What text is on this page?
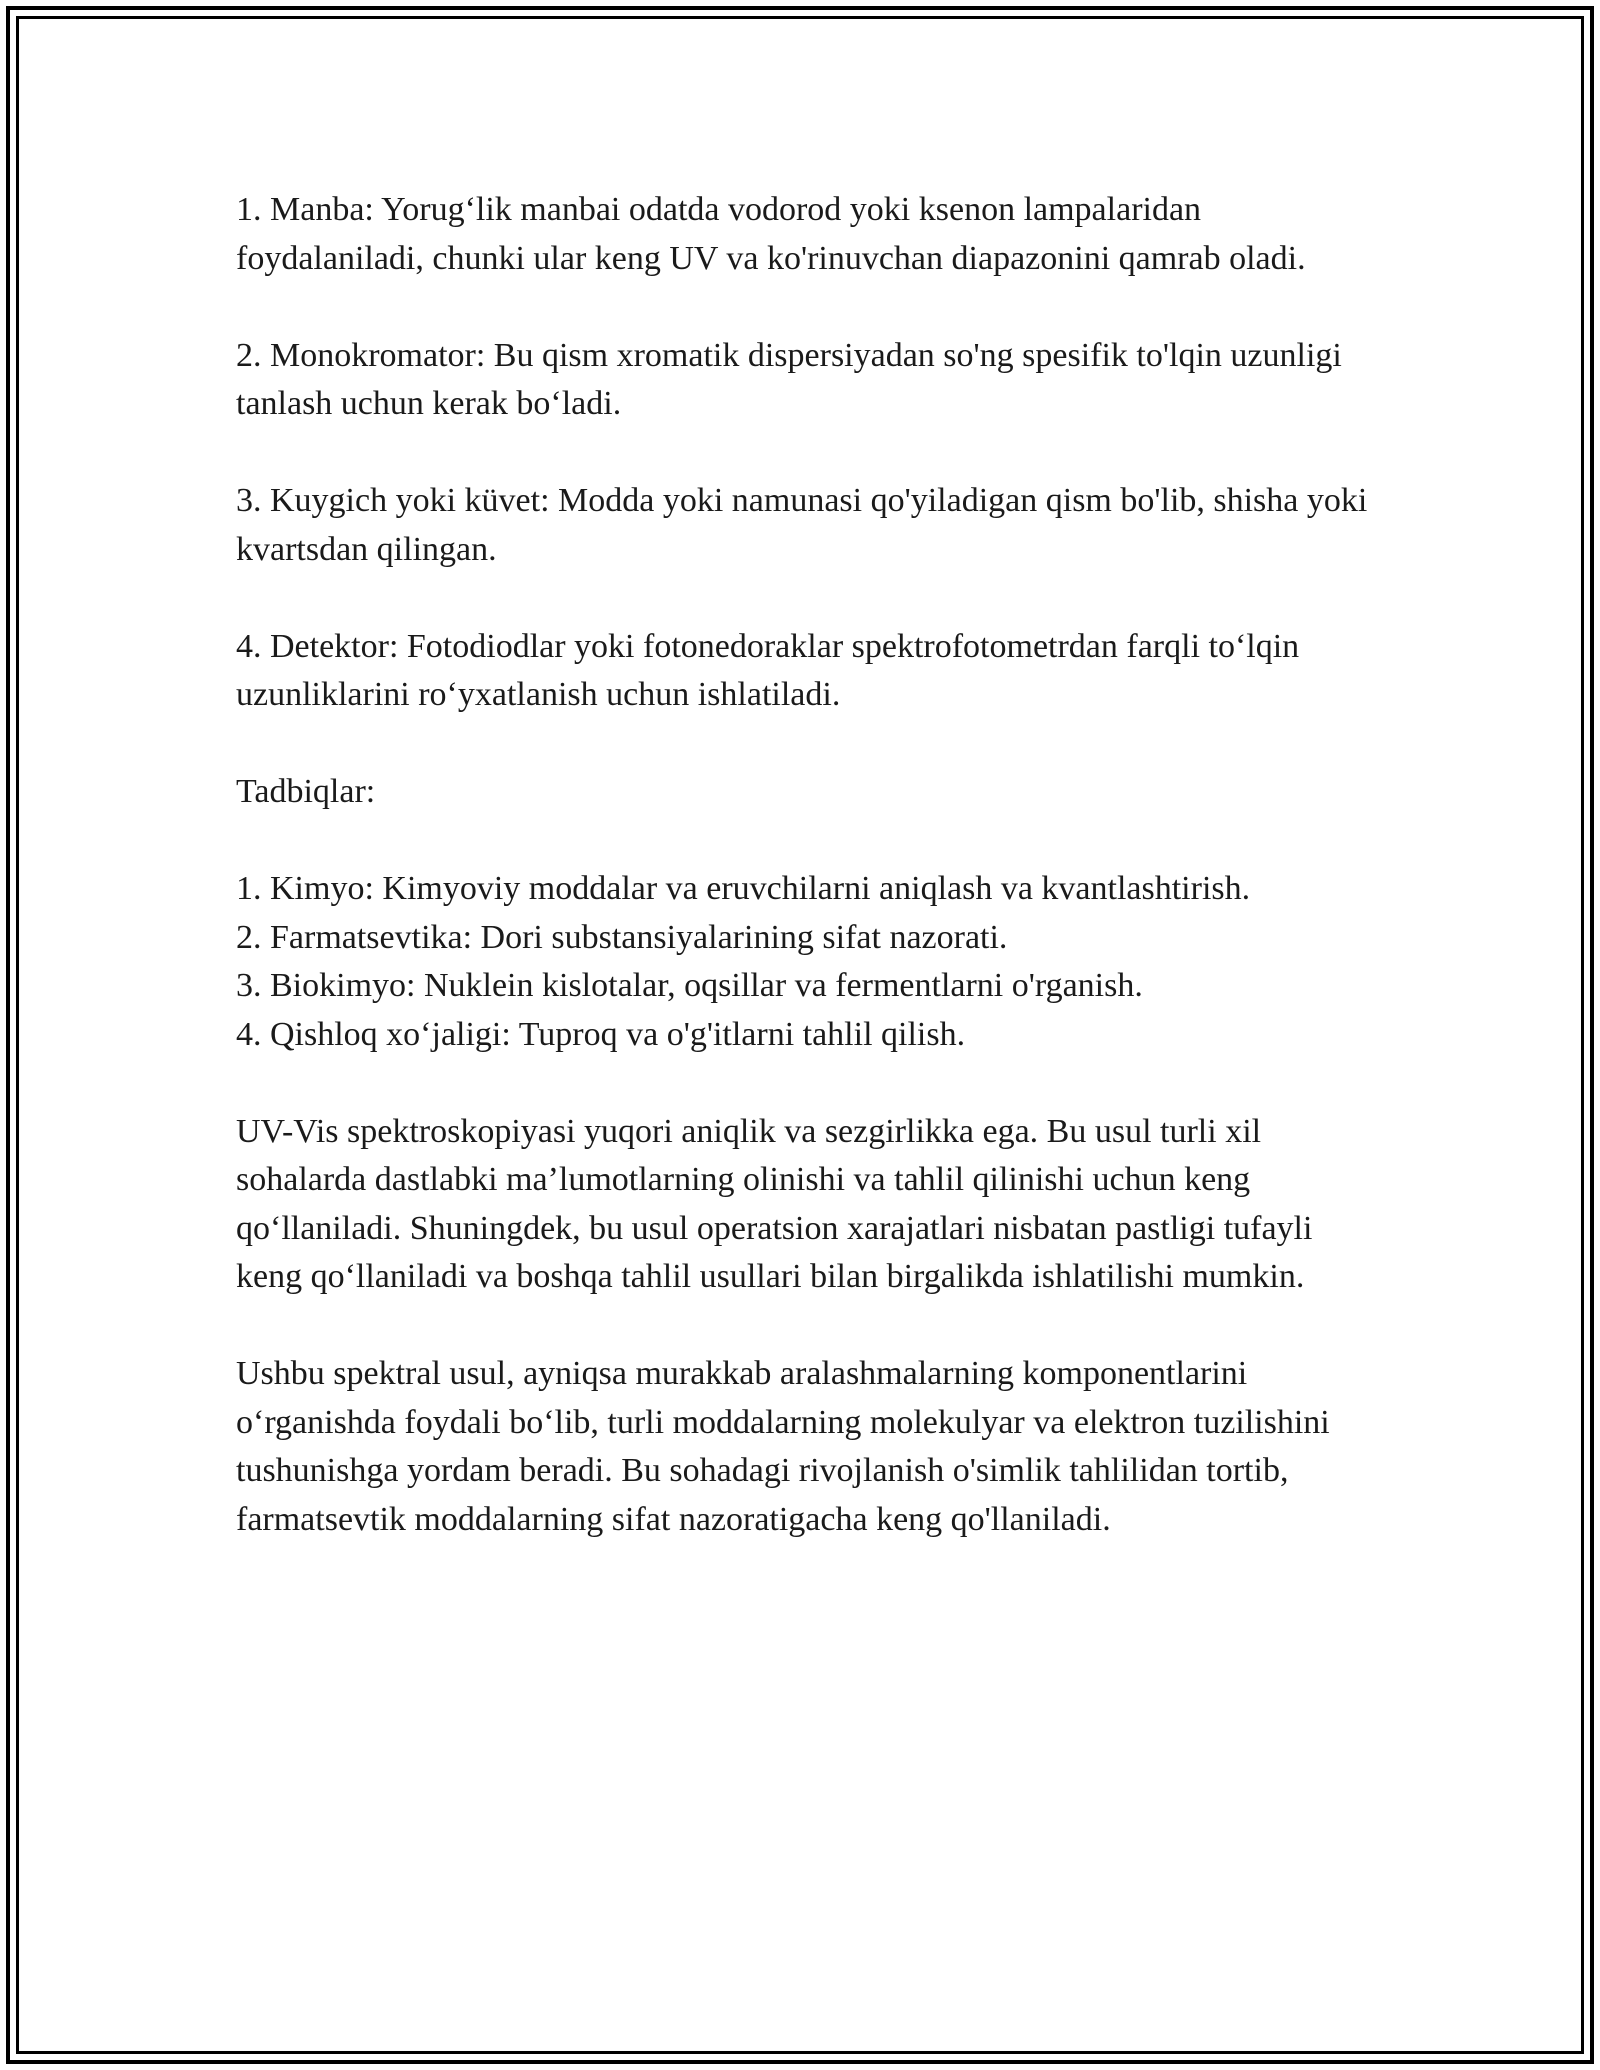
1. Manba: Yorug‘lik manbai odatda vodorod yoki ksenon lampalaridan foydalaniladi, chunki ular keng UV va ko'rinuvchan diapazonini qamrab oladi.

2. Monokromator: Bu qism xromatik dispersiyadan so'ng spesifik to'lqin uzunligi tanlash uchun kerak bo‘ladi.

3. Kuygich yoki küvet: Modda yoki namunasi qo'yiladigan qism bo'lib, shisha yoki kvartsdan qilingan.

4. Detektor: Fotodiodlar yoki fotonedoraklar spektrofotometrdan farqli to‘lqin uzunliklarini ro‘yxatlanish uchun ishlatiladi.

Tadbiqlar:

1. Kimyo: Kimyoviy moddalar va eruvchilarni aniqlash va kvantlashtirish.

2. Farmatsevtika: Dori substansiyalarining sifat nazorati.

3. Biokimyo: Nuklein kislotalar, oqsillar va fermentlarni o'rganish.

4. Qishloq xo‘jaligi: Tuproq va o'g'itlarni tahlil qilish.

UV-Vis spektroskopiyasi yuqori aniqlik va sezgirlikka ega. Bu usul turli xil sohalarda dastlabki ma’lumotlarning olinishi va tahlil qilinishi uchun keng qo‘llaniladi. Shuningdek, bu usul operatsion xarajatlari nisbatan pastligi tufayli keng qo‘llaniladi va boshqa tahlil usullari bilan birgalikda ishlatilishi mumkin.

Ushbu spektral usul, ayniqsa murakkab aralashmalarning komponentlarini o‘rganishda foydali bo‘lib, turli moddalarning molekulyar va elektron tuzilishini tushunishga yordam beradi. Bu sohadagi rivojlanish o'simlik tahlilidan tortib, farmatsevtik moddalarning sifat nazoratigacha keng qo'llaniladi.
